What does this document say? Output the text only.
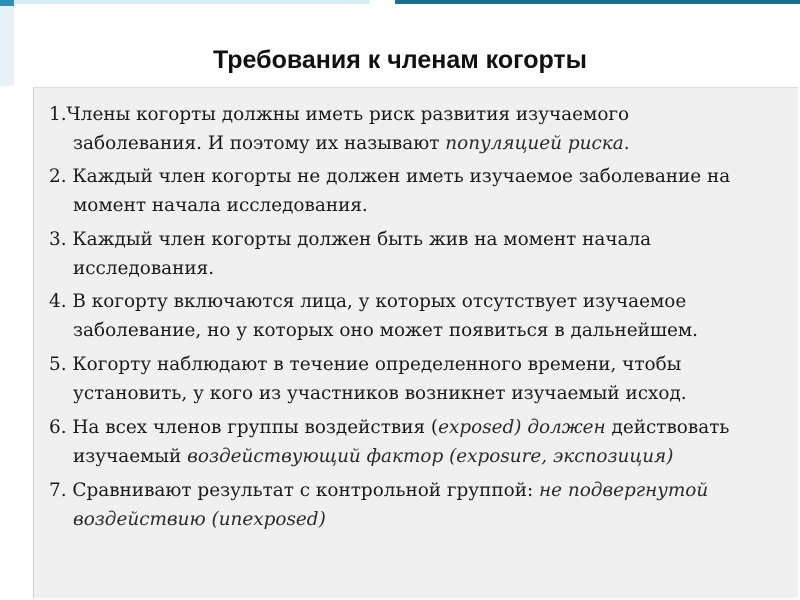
Требования к членам когорты
1.Члены когорты должны иметь риск развития изучаемого
заболевания. И поэтому их называют популяцией риска.
2. Каждый член когорты не должен иметь изучаемое заболевание на
момент начала исследования.
3. Каждый член когорты должен быть жив на момент начала
исследования.
4. В когорту включаются лица, у которых отсутствует изучаемое
заболевание, но у которых оно может появиться в дальнейшем.
5. Когорту наблюдают в течение определенного времени, чтобы
установить, у кого из участников возникнет изучаемый исход.
6. На всех членов группы воздействия (exposed) должен действовать
изучаемый воздействующий фактор (exposure, экспозиция)
7. Сравнивают результат с контрольной группой: не подвергнутой
воздействию (unexposed)
